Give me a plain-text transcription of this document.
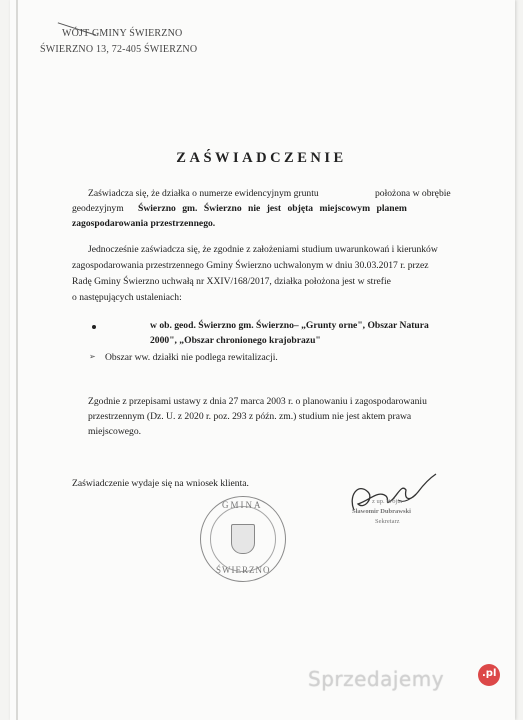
WÓJT GMINY ŚWIERZNO
ŚWIERZNO 13, 72-405 ŚWIERZNO
ZAŚWIADCZENIE
Zaświadcza się, że działka o numerze ewidencyjnym gruntu	położona w obrębie
geodezyjnym Świerzno gm. Świerzno nie jest objęta miejscowym planem
zagospodarowania przestrzennego.
Jednocześnie zaświadcza się, że zgodnie z założeniami studium uwarunkowań i kierunków
zagospodarowania przestrzennego Gminy Świerzno uchwalonym w dniu 30.03.2017 r. przez
Radę Gminy Świerzno uchwałą nr XXIV/168/2017, działka położona jest w strefie
o następujących ustaleniach:
w ob. geod. Świerzno gm. Świerzno– „Grunty orne", Obszar Natura
2000", „Obszar chronionego krajobrazu"
➢ Obszar ww. działki nie podlega rewitalizacji.
Zgodnie z przepisami ustawy z dnia 27 marca 2003 r. o planowaniu i zagospodarowaniu
przestrzennym (Dz. U. z 2020 r. poz. 293 z późn. zm.) studium nie jest aktem prawa
miejscowego.
Zaświadczenie wydaje się na wniosek klienta.
GMINA
ŚWIERZNO
z up. Wójta
Sławomir Dubrawski
Sekretarz
Sprzedajemy	.pl
